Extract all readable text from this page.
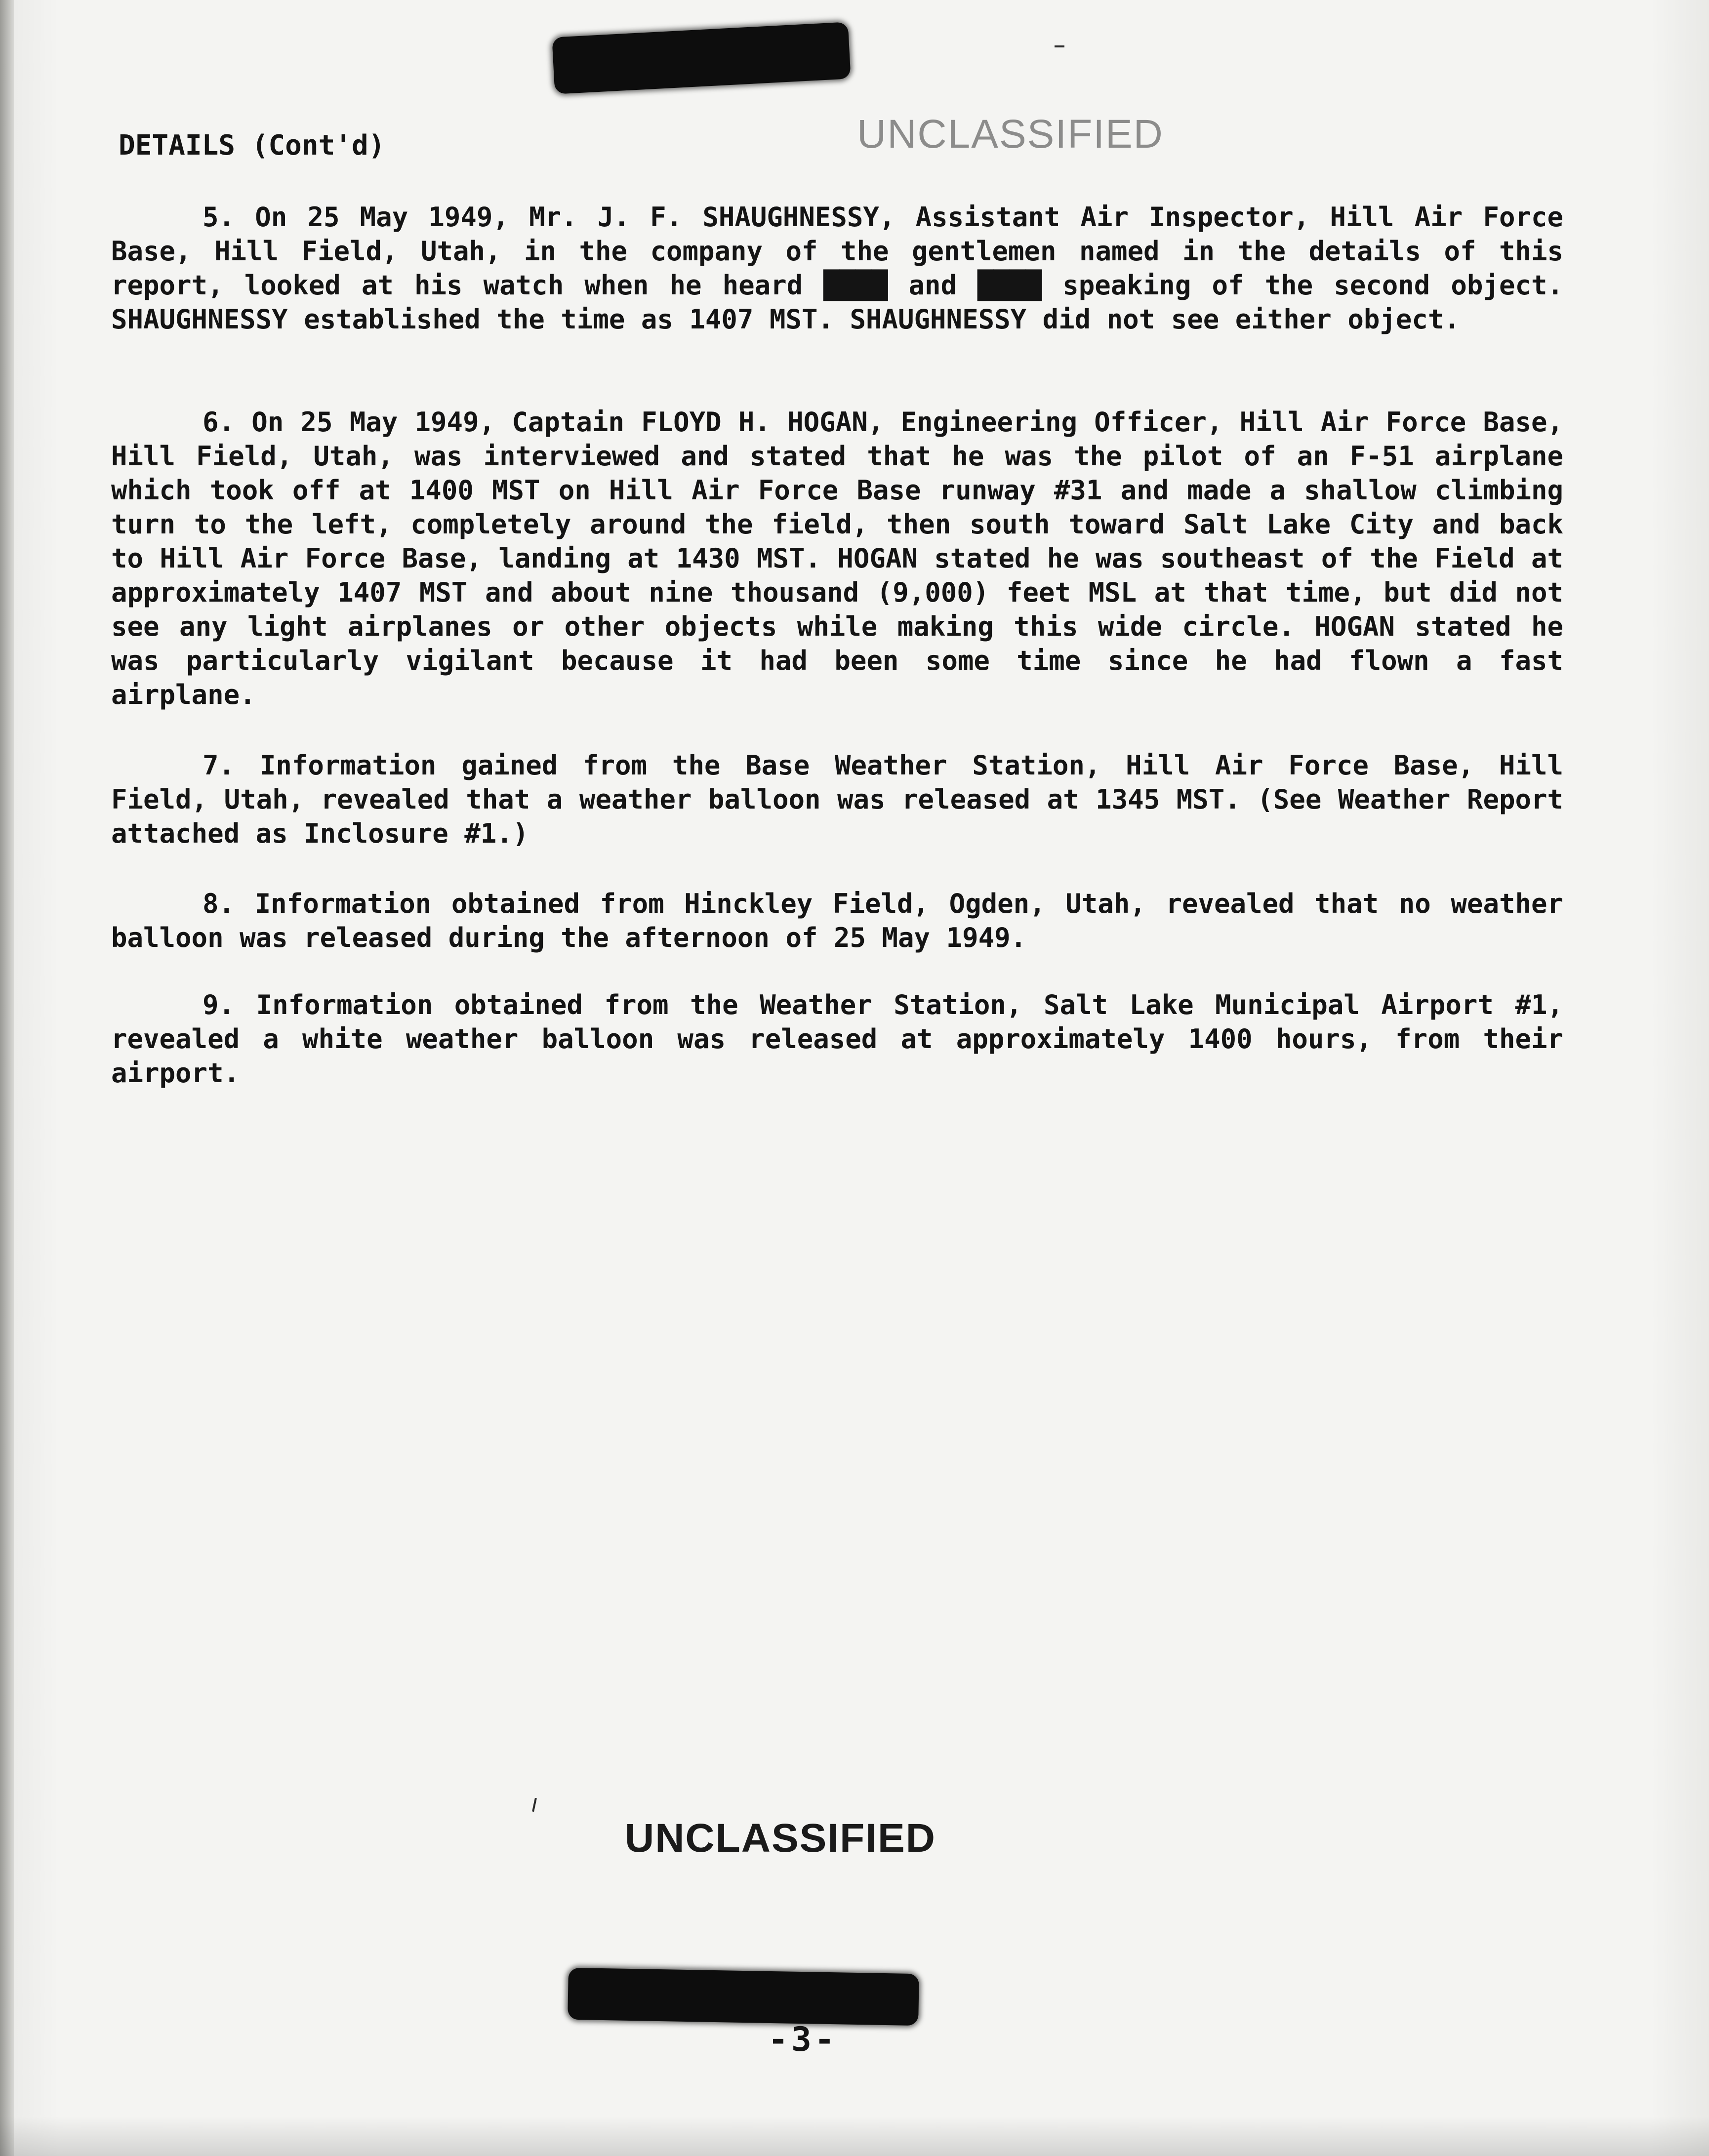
UNCLASSIFIED
DETAILS (Cont'd)

5. On 25 May 1949, Mr. J. F. SHAUGHNESSY, Assistant Air Inspector, Hill Air Force Base, Hill Field, Utah, in the company of the gentlemen named in the details of this report, looked at his watch when he heard ████ and ████ speaking of the second object. SHAUGHNESSY established the time as 1407 MST. SHAUGHNESSY did not see either object.

6. On 25 May 1949, Captain FLOYD H. HOGAN, Engineering Officer, Hill Air Force Base, Hill Field, Utah, was interviewed and stated that he was the pilot of an F-51 airplane which took off at 1400 MST on Hill Air Force Base runway #31 and made a shallow climbing turn to the left, completely around the field, then south toward Salt Lake City and back to Hill Air Force Base, landing at 1430 MST. HOGAN stated he was southeast of the Field at approximately 1407 MST and about nine thousand (9,000) feet MSL at that time, but did not see any light airplanes or other objects while making this wide circle. HOGAN stated he was particularly vigilant because it had been some time since he had flown a fast airplane.

7. Information gained from the Base Weather Station, Hill Air Force Base, Hill Field, Utah, revealed that a weather balloon was released at 1345 MST. (See Weather Report attached as Inclosure #1.)

8. Information obtained from Hinckley Field, Ogden, Utah, revealed that no weather balloon was released during the afternoon of 25 May 1949.

9. Information obtained from the Weather Station, Salt Lake Municipal Airport #1, revealed a white weather balloon was released at approximately 1400 hours, from their airport.

UNCLASSIFIED
-3-
